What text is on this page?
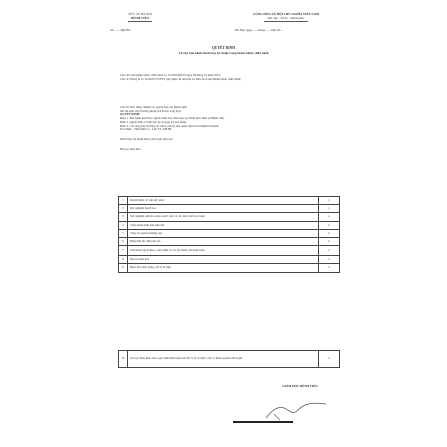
SỞ Y TẾ HÀ NỘI
BỆNH VIỆN
CỘNG HÒA XÃ HỘI CHỦ NGHĨA VIỆT NAM
Độc lập - Tự do - Hạnh phúc
Số: ....../QĐ-BV	Hà Nội, ngày ..... tháng ..... năm 20....
QUYẾT ĐỊNH
Về việc ban hành danh mục kỹ thuật trong khám bệnh, chữa bệnh
Căn cứ Luật Khám bệnh, chữa bệnh số 15/2023/QH15 ngày 09 tháng 01 năm 2023;
Căn cứ Thông tư số 32/2023/TT-BYT quy định chi tiết một số điều của Luật Khám bệnh, chữa bệnh;
Căn cứ chức năng, nhiệm vụ, quyền hạn của Bệnh viện;
Xét đề nghị của Trưởng phòng Kế hoạch tổng hợp;
QUYẾT ĐỊNH:
Điều 1. Ban hành kèm theo Quyết định này danh mục kỹ thuật thực hiện tại Bệnh viện.
Điều 2. Quyết định có hiệu lực kể từ ngày ký ban hành.
Điều 3. Các ông (bà) Trưởng các khoa, phòng liên quan chịu trách nhiệm thi hành.
Nơi nhận: - Như Điều 3; - Lưu VT, KHTH.
Danh mục kỹ thuật được phê duyệt như sau:
Phụ lục kèm theo
1	Khám bệnh, tư vấn sức khỏe	x
2	Xét nghiệm huyết học	x
3	Xét nghiệm sinh hóa máu, nước tiểu và các dịch sinh học khác	x
4	Chẩn đoán hình ảnh siêu âm	x
5	Chụp X-quang thường quy	x
6	Điện tâm đồ, điện não đồ	x
7	Thủ thuật ngoại khoa, tiểu phẫu và các kỹ thuật can thiệp khác	x
8	Nội soi tiêu hóa	x
9	Phục hồi chức năng, vật lý trị liệu	x
10	Các kỹ thuật khác theo quy định hiện hành của Bộ Y tế và được cấp có thẩm quyền phê duyệt	x
GIÁM ĐỐC BỆNH VIỆN
